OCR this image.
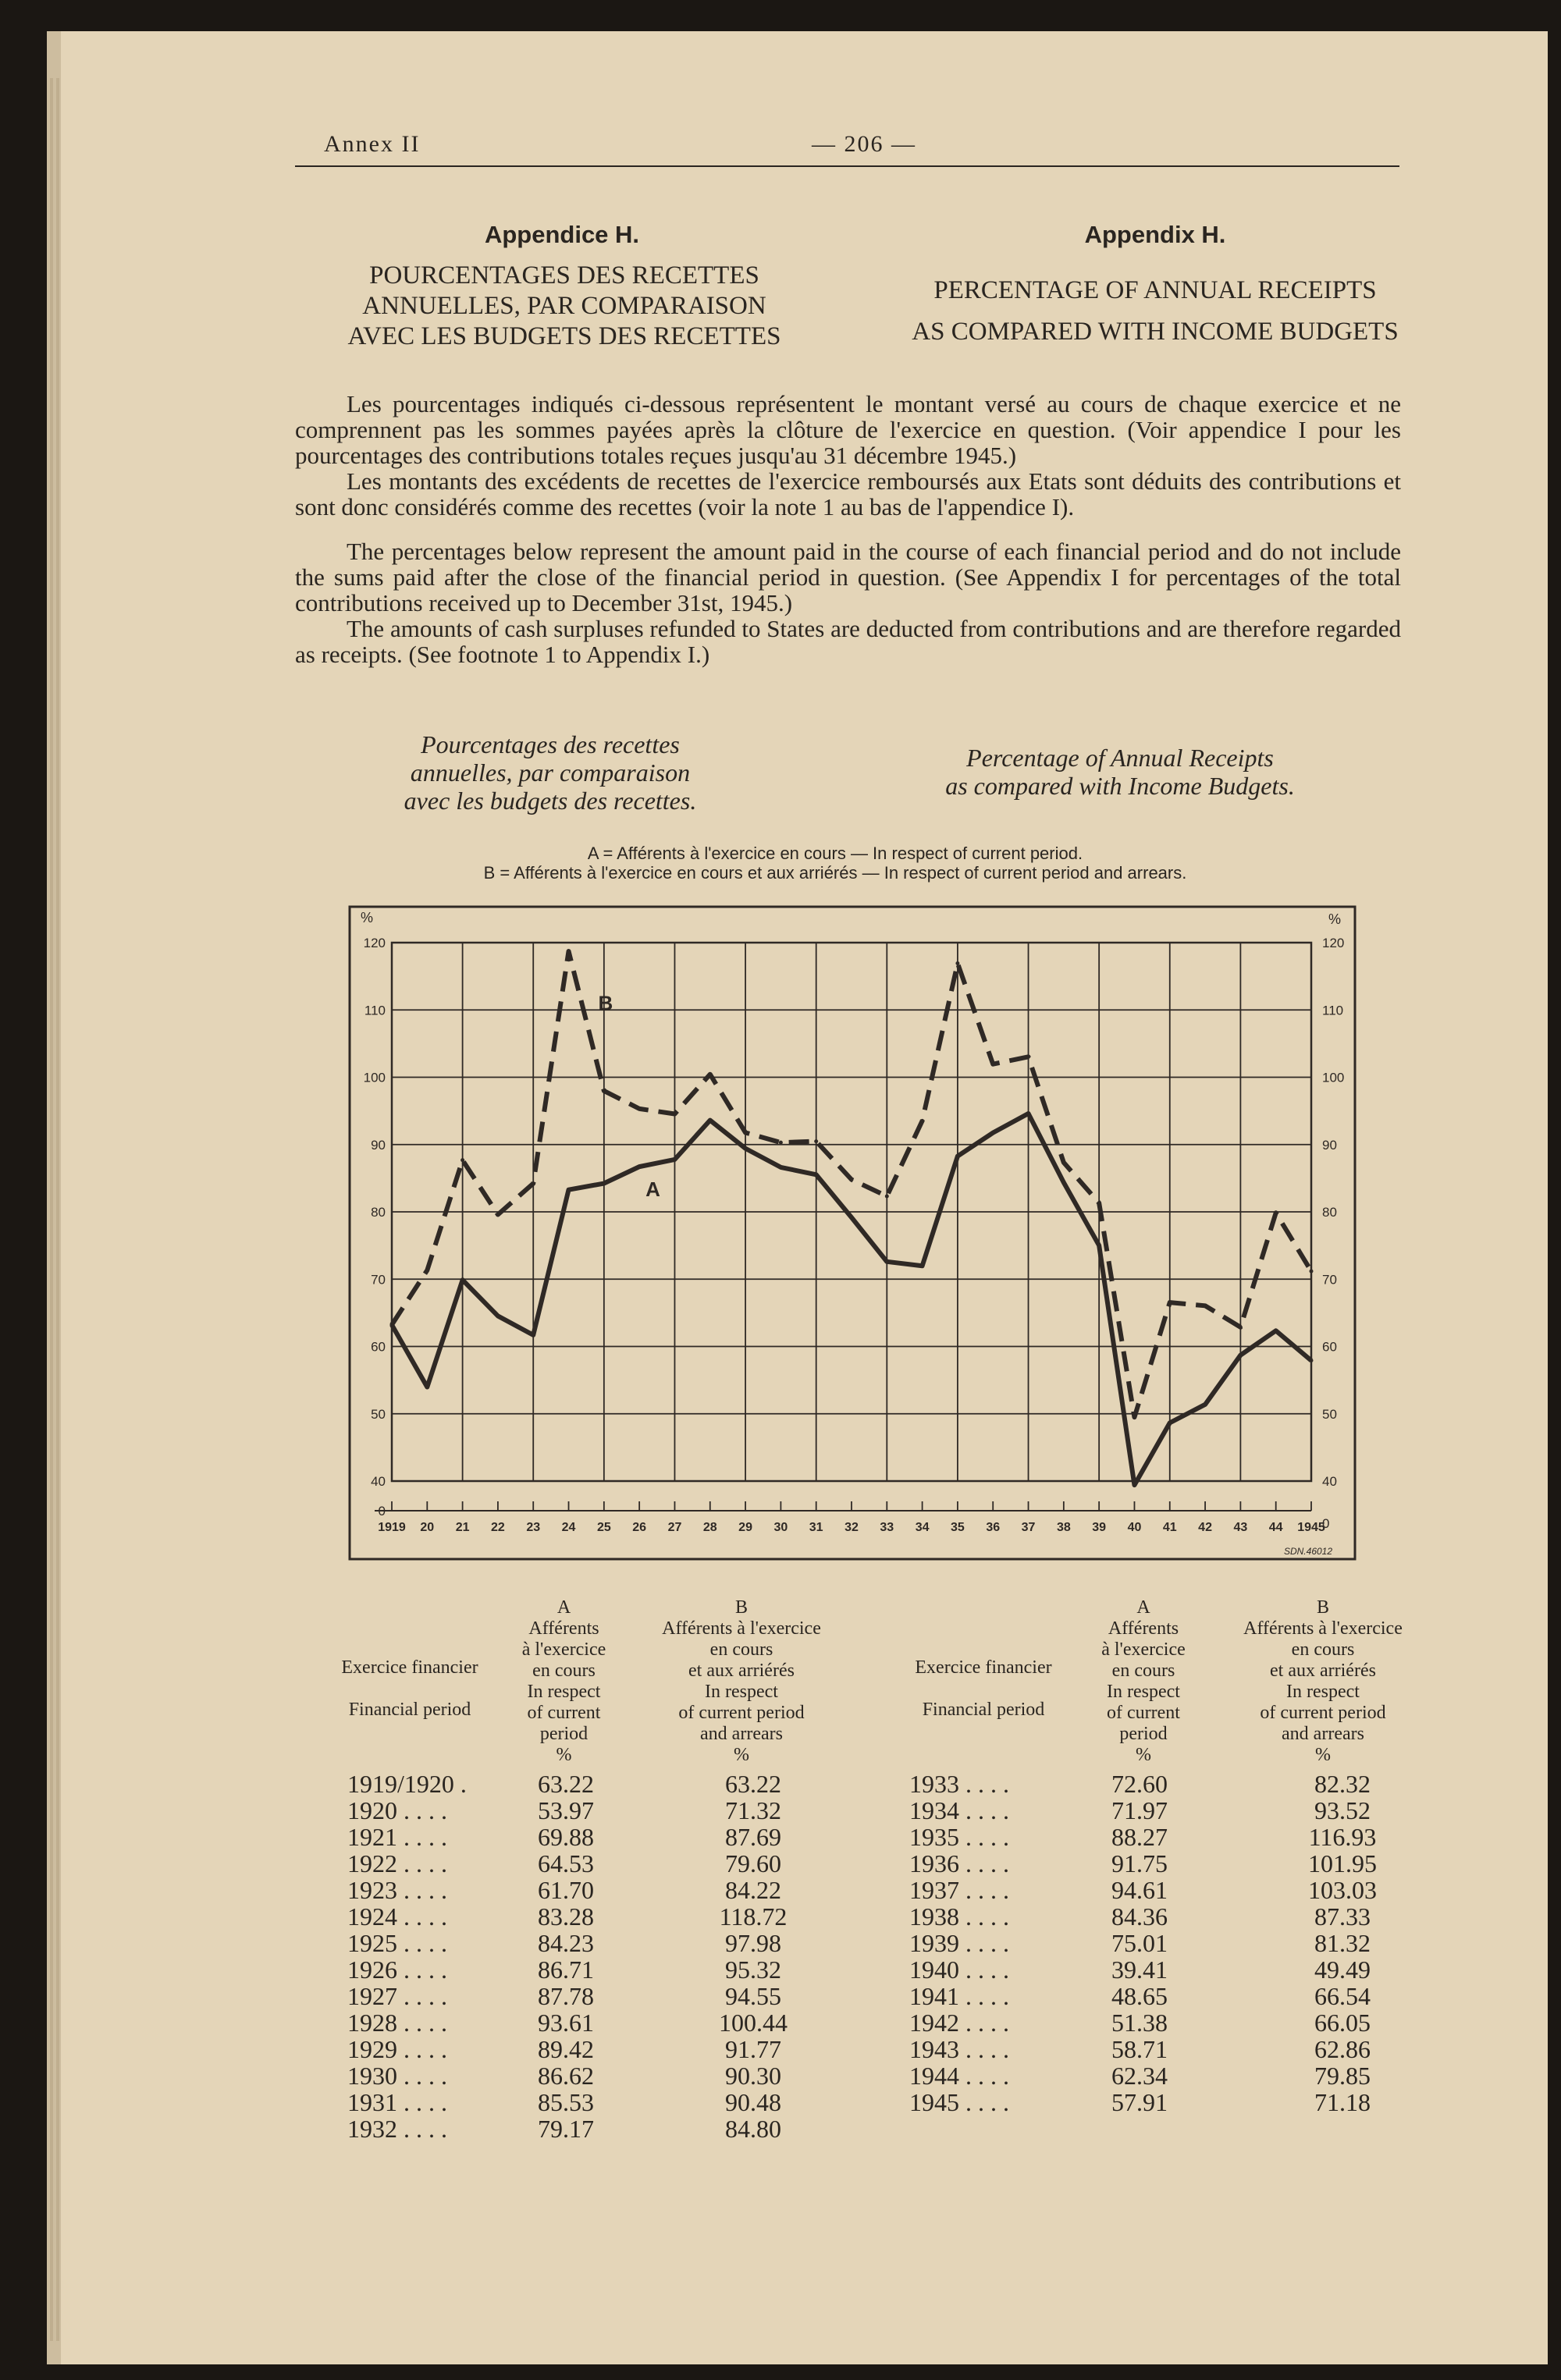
Annex II	— 206 —
Appendice H.
POURCENTAGES DES RECETTES
ANNUELLES, PAR COMPARAISON
AVEC LES BUDGETS DES RECETTES
Appendix H.
PERCENTAGE OF ANNUAL RECEIPTS
AS COMPARED WITH INCOME BUDGETS

Les pourcentages indiqués ci-dessous représentent le montant versé au cours de chaque exercice et ne comprennent pas les sommes payées après la clôture de l'exercice en question. (Voir appendice I pour les pourcentages des contributions totales reçues jusqu'au 31 décembre 1945.)

Les montants des excédents de recettes de l'exercice remboursés aux Etats sont déduits des contributions et sont donc considérés comme des recettes (voir la note 1 au bas de l'appendice I).

The percentages below represent the amount paid in the course of each financial period and do not include the sums paid after the close of the financial period in question. (See Appendix I for percentages of the total contributions received up to December 31st, 1945.)

The amounts of cash surpluses refunded to States are deducted from contributions and are therefore regarded as receipts. (See footnote 1 to Appendix I.)

Pourcentages des recettes
annuelles, par comparaison
avec les budgets des recettes.
Percentage of Annual Receipts
as compared with Income Budgets.
A = Afférents à l'exercice en cours — In respect of current period.
B = Afférents à l'exercice en cours et aux arriérés — In respect of current period and arrears.
0
0
40	40
50	50
60	60
70	70
80	80
90	90
100	100
110	110
120	120
%	%
1919 20 21 22 23 24 25 26 27 28 29 30 31 32 33 34 35 36 37 38 39 40 41 42 43 44 1945
A
B
SDN.46012
Exercice financier
Financial period
A
Afférents
à l'exercice
en cours
In respect
of current
period
%
B
Afférents à l'exercice
en cours
et aux arriérés
In respect
of current period
and arrears
%
Exercice financier
Financial period
A
Afférents
à l'exercice
en cours
In respect
of current
period
%
B
Afférents à l'exercice
en cours
et aux arriérés
In respect
of current period
and arrears
%
1919/1920 .	63.22	63.22
1920 . . . .	53.97	71.32
1921 . . . .	69.88	87.69
1922 . . . .	64.53	79.60
1923 . . . .	61.70	84.22
1924 . . . .	83.28	118.72
1925 . . . .	84.23	97.98
1926 . . . .	86.71	95.32
1927 . . . .	87.78	94.55
1928 . . . .	93.61	100.44
1929 . . . .	89.42	91.77
1930 . . . .	86.62	90.30
1931 . . . .	85.53	90.48
1932 . . . .	79.17	84.80
1933 . . . .	72.60	82.32
1934 . . . .	71.97	93.52
1935 . . . .	88.27	116.93
1936 . . . .	91.75	101.95
1937 . . . .	94.61	103.03
1938 . . . .	84.36	87.33
1939 . . . .	75.01	81.32
1940 . . . .	39.41	49.49
1941 . . . .	48.65	66.54
1942 . . . .	51.38	66.05
1943 . . . .	58.71	62.86
1944 . . . .	62.34	79.85
1945 . . . .	57.91	71.18
